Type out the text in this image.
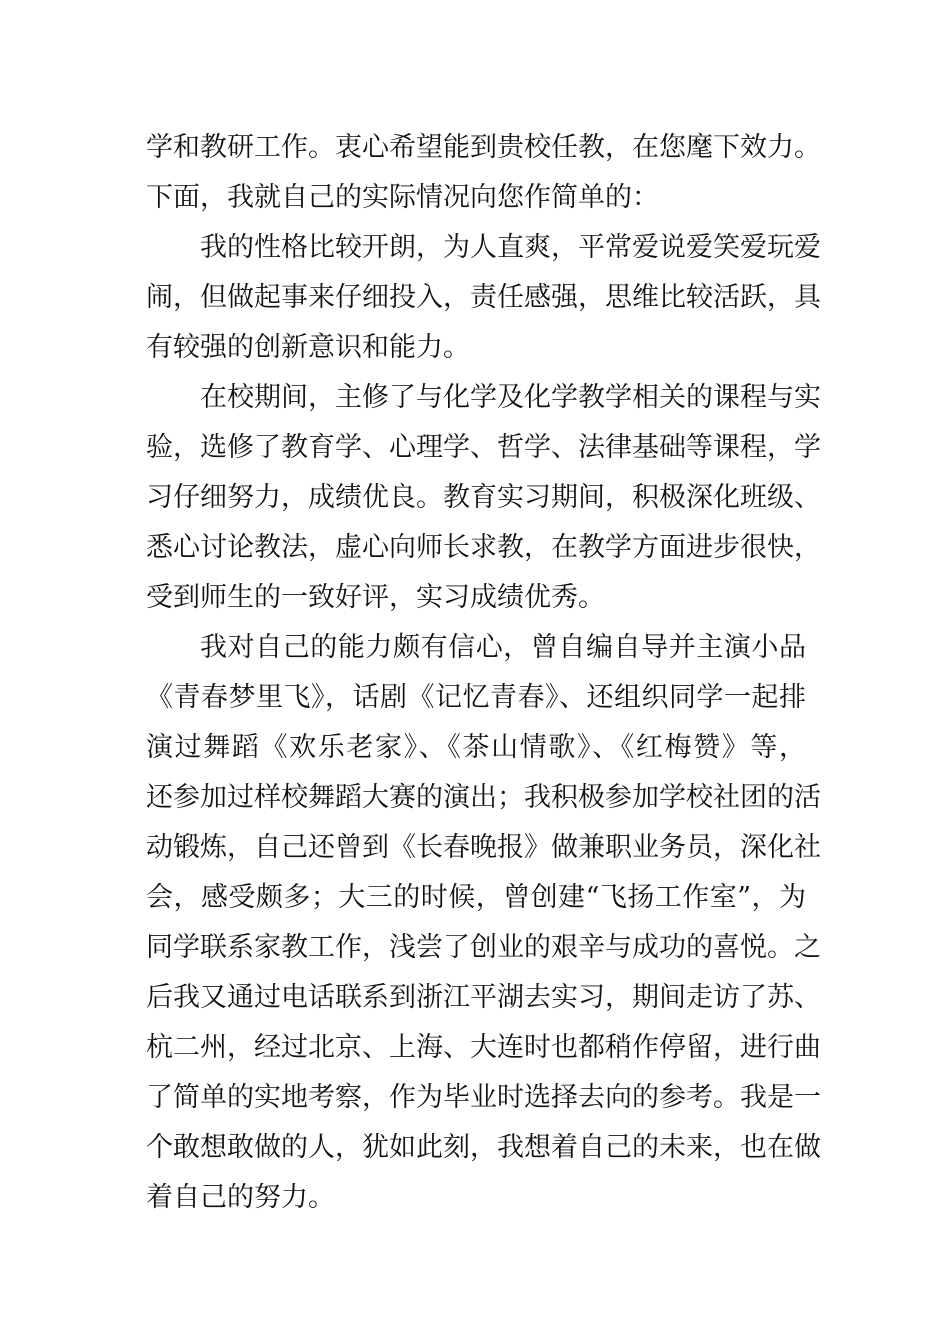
学和教研工作。衷心希望能到贵校任教，在您麾下效力。
下面，我就自己的实际情况向您作简单的：
我的性格比较开朗，为人直爽，平常爱说爱笑爱玩爱
闹，但做起事来仔细投入，责任感强，思维比较活跃，具
有较强的创新意识和能力。
在校期间，主修了与化学及化学教学相关的课程与实
验，选修了教育学、心理学、哲学、法律基础等课程，学
习仔细努力，成绩优良。教育实习期间，积极深化班级、
悉心讨论教法，虚心向师长求教，在教学方面进步很快，
受到师生的一致好评，实习成绩优秀。
我对自己的能力颇有信心，曾自编自导并主演小品
《青春梦里飞》，话剧《记忆青春》、还组织同学一起排
演过舞蹈《欢乐老家》、《茶山情歌》、《红梅赞》等，
还参加过样校舞蹈大赛的演出；我积极参加学校社团的活
动锻炼，自己还曾到《长春晚报》做兼职业务员，深化社
会，感受颇多；大三的时候，曾创建“飞扬工作室”，为
同学联系家教工作，浅尝了创业的艰辛与成功的喜悦。之
后我又通过电话联系到浙江平湖去实习，期间走访了苏、
杭二州，经过北京、上海、大连时也都稍作停留，进行曲
了简单的实地考察，作为毕业时选择去向的参考。我是一
个敢想敢做的人，犹如此刻，我想着自己的未来，也在做
着自己的努力。
